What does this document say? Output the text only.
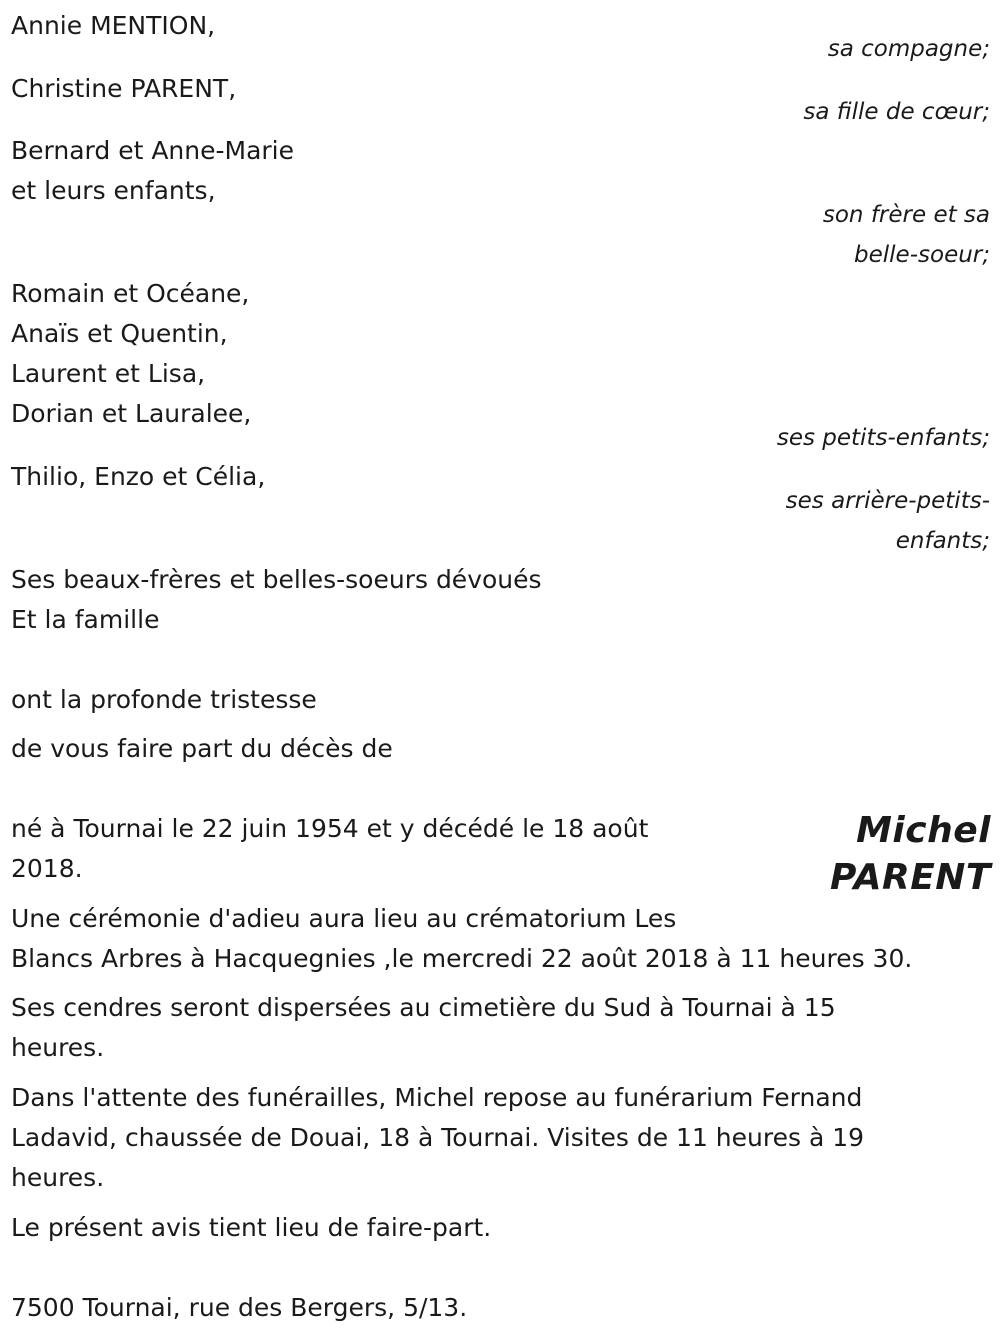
Annie MENTION,
sa compagne;
Christine PARENT,
sa fille de cœur;
Bernard et Anne-Marie
et leurs enfants,
son frère et sa
belle-soeur;
Romain et Océane,
Anaïs et Quentin,
Laurent et Lisa,
Dorian et Lauralee,
ses petits-enfants;
Thilio, Enzo et Célia,
ses arrière-petits-
enfants;
Ses beaux-frères et belles-soeurs dévoués
Et la famille
ont la profonde tristesse
de vous faire part du décès de
Michel
PARENT
né à Tournai le 22 juin 1954 et y décédé le 18 août
2018.
Une cérémonie d'adieu aura lieu au crématorium Les
Blancs Arbres à Hacquegnies ,le mercredi 22 août 2018 à 11 heures 30.
Ses cendres seront dispersées au cimetière du Sud à Tournai à 15
heures.
Dans l'attente des funérailles, Michel repose au funérarium Fernand
Ladavid, chaussée de Douai, 18 à Tournai. Visites de 11 heures à 19
heures.
Le présent avis tient lieu de faire-part.
7500 Tournai, rue des Bergers, 5/13.
